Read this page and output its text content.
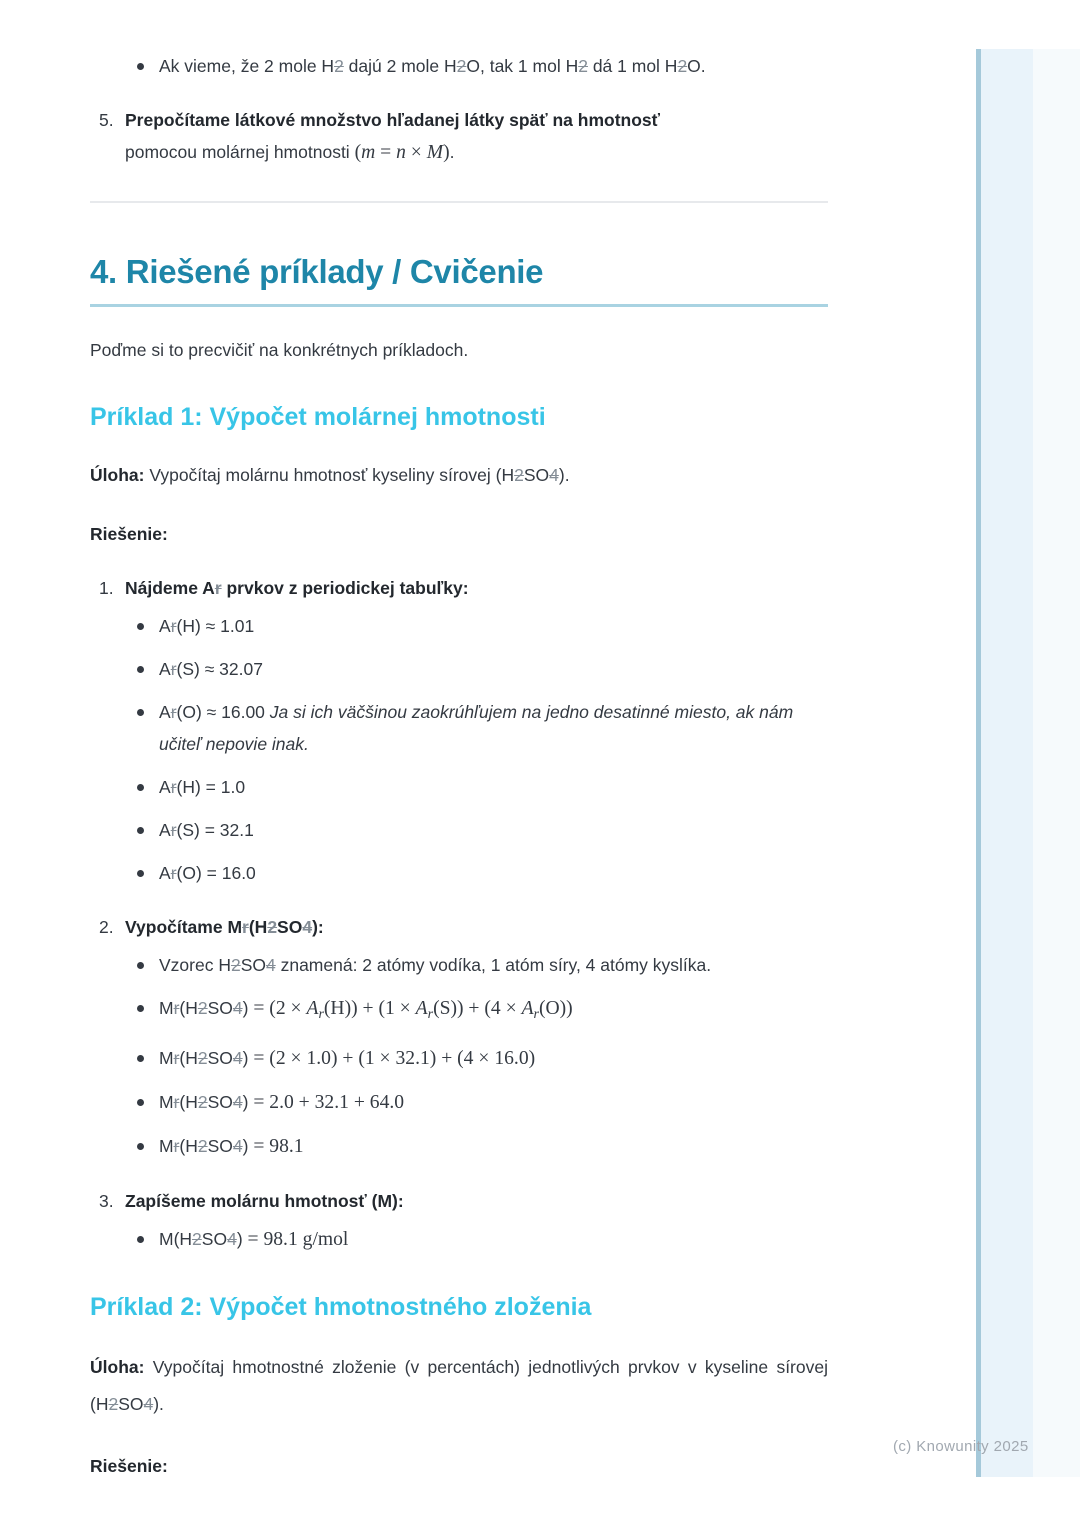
Ak vieme, že 2 mole H2 dajú 2 mole H2O, tak 1 mol H2 dá 1 mol H2O.
5. Prepočítame látkové množstvo hľadanej látky späť na hmotnosť
pomocou molárnej hmotnosti (m = n × M).
4. Riešené príklady / Cvičenie
Poďme si to precvičiť na konkrétnych príkladoch.
Príklad 1: Výpočet molárnej hmotnosti
Úloha: Vypočítaj molárnu hmotnosť kyseliny sírovej (H2SO4).
Riešenie:
1. Nájdeme Ar prvkov z periodickej tabuľky:
Ar(H) ≈ 1.01
Ar(S) ≈ 32.07
Ar(O) ≈ 16.00 Ja si ich väčšinou zaokrúhľujem na jedno desatinné miesto, ak nám učiteľ nepovie inak.
Ar(H) = 1.0
Ar(S) = 32.1
Ar(O) = 16.0
2. Vypočítame Mr(H2SO4):
Vzorec H2SO4 znamená: 2 atómy vodíka, 1 atóm síry, 4 atómy kyslíka.
$Mr(H2SO4) = (2 \times A_r(H)) + (1 \times A_r(S)) + (4 \times A_r(O))$
Mr(H2SO4) = (2 × 1.0) + (1 × 32.1) + (4 × 16.0)
Mr(H2SO4) = 2.0 + 32.1 + 64.0
Mr(H2SO4) = 98.1
3. Zapíšeme molárnu hmotnosť (M):
M(H2SO4) = 98.1 g/mol
Príklad 2: Výpočet hmotnostného zloženia
Úloha: Vypočítaj hmotnostné zloženie (v percentách) jednotlivých prvkov v kyseline sírovej (H2SO4).
Riešenie:
(c) Knowunity 2025
